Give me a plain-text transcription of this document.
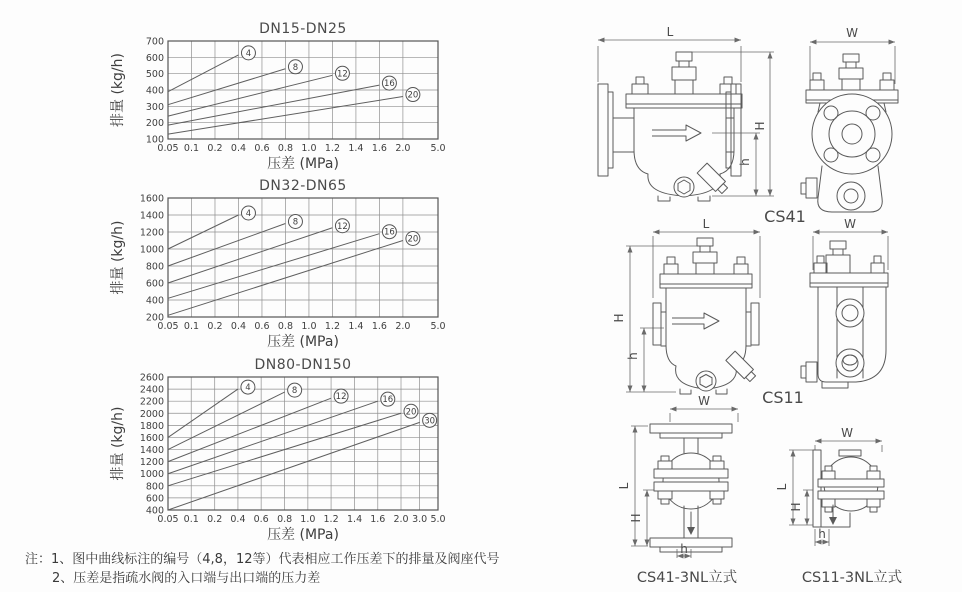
0.05 0.1 0.2 0.4 0.6 0.8 1.0 1.2 1.4 1.6 2.0 5.0
100
200
300
400
500
600
700
4
8
12
16
20
DN15-DN25
压差 (MPa)
排量 (kg/h)
0.05 0.1 0.2 0.4 0.6 0.8 1.0 1.2 1.4 1.6 2.0 5.0
200
400
600
800
1000
1200
1400
1600
4
8	12
16
20
DN32-DN65
压差 (MPa)
排量 (kg/h)
0.05 0.1 0.2 0.4 0.6 0.8 1.0 1.2 1.4 1.6 2.0 3.0 5.0
400
600
800
1000
1200
1400
1600
1800
2000
2200
2400
2600
4	8
12	16
20
30
DN80-DN150
压差 (MPa)
排量 (kg/h)
注：1、图中曲线标注的编号（4,8，12等）代表相应工作压差下的排量及阀座代号
2、压差是指疏水阀的入口端与出口端的压力差
L
H
h
CS41
W
L
H
h
CS11
W
W
L
H
h
CS41-3NL立式
W
L
H
h
CS11-3NL立式
